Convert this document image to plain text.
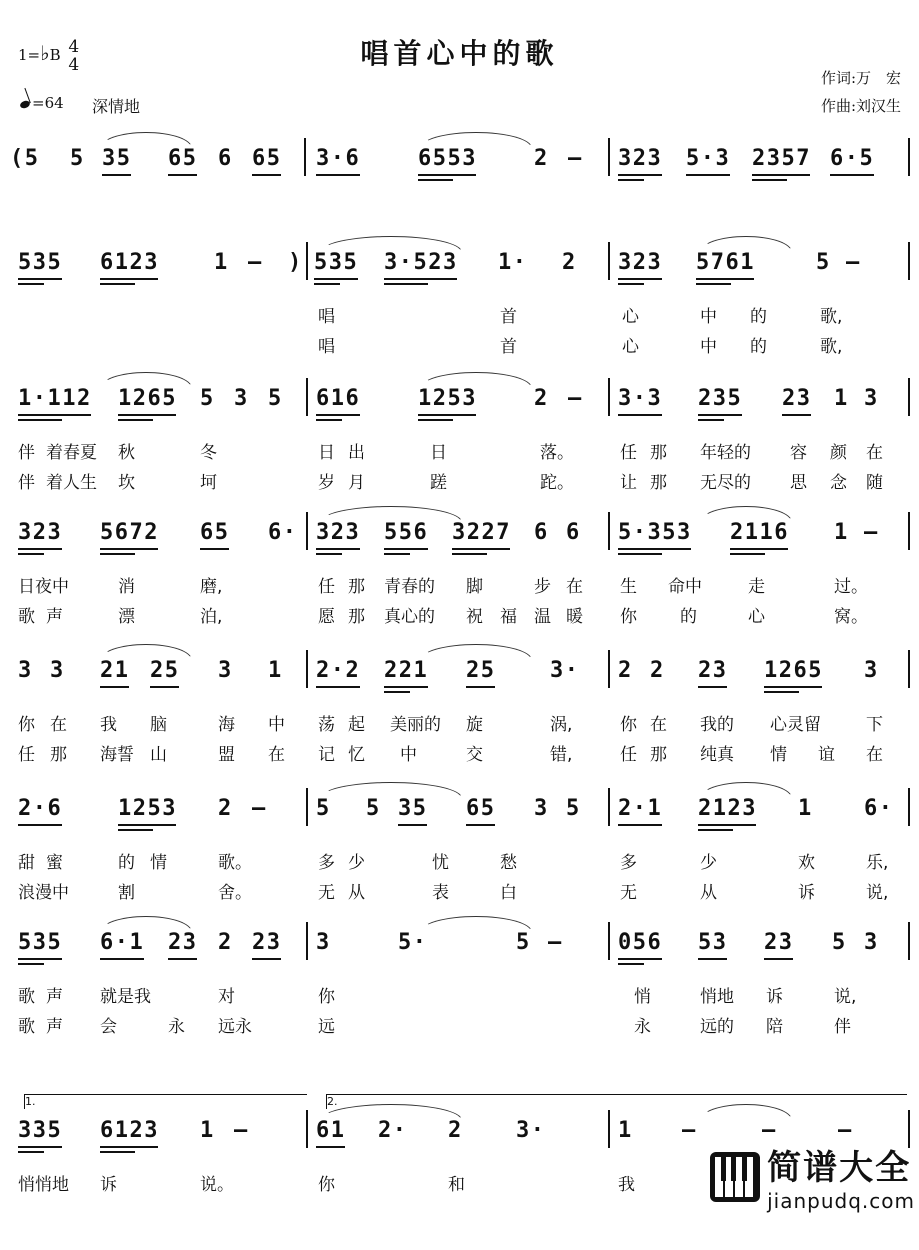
唱首心中的歌
1=♭B 4
4
=64 深情地
作词:万　宏
作曲:刘汉生
(5 5 35 65 6 65 3·6	6553	2 – 323 5·3 2357 6·5
535 6123	1 – ) 535 3·523 1· 2 323 5761	5 –
唱	首	心	中 的	歌,
唱	首	心	中 的	歌,
1·112 1265 5 3 5 616	1253	2 – 3·3 235 23 1 3
伴 着春夏 秋	冬	日 出	日	落。	任 那 年轻的 容 颜 在
伴 着人生 坎	坷	岁 月	蹉	跎。	让 那 无尽的 思 念 随
323 5672 65 6· 323 556 3227 6 6 5·353 2116 1 –
日夜中	消	磨,	任 那 青春的 脚	步 在 生 命中	走	过。
歌 声	漂	泊,	愿 那 真心的 祝 福 温 暖 你	的	心	窝。
3 3 21 25 3 1 2·2 221 25 3· 2 2 23 1265 3
你 在 我 脑	海 中 荡 起 美丽的 旋	涡,	你 在 我的 心灵留	下
任 那 海誓 山	盟 在 记 忆 中	交	错,	任 那 纯真 情 谊 在
2·6	1253 2 – 5 5 35 65 3 5 2·1 2123 1 6·
甜 蜜	的 情	歌。	多 少	忧	愁	多	少	欢	乐,
浪漫中	割	舍。	无 从	表	白	无	从	诉	说,
535 6·1 23 2 23 3	5·	5 –	056 53 23 5 3
歌 声 就是我	对	你	悄	悄地 诉	说,
歌 声 会	永 远永	远	永	远的 陪	伴
335 6123 1 –	61 2· 2 3·	1 –	–	–
悄悄地 诉	说。	你	和	我	简谱大全
jianpudq.com
1.	2.
